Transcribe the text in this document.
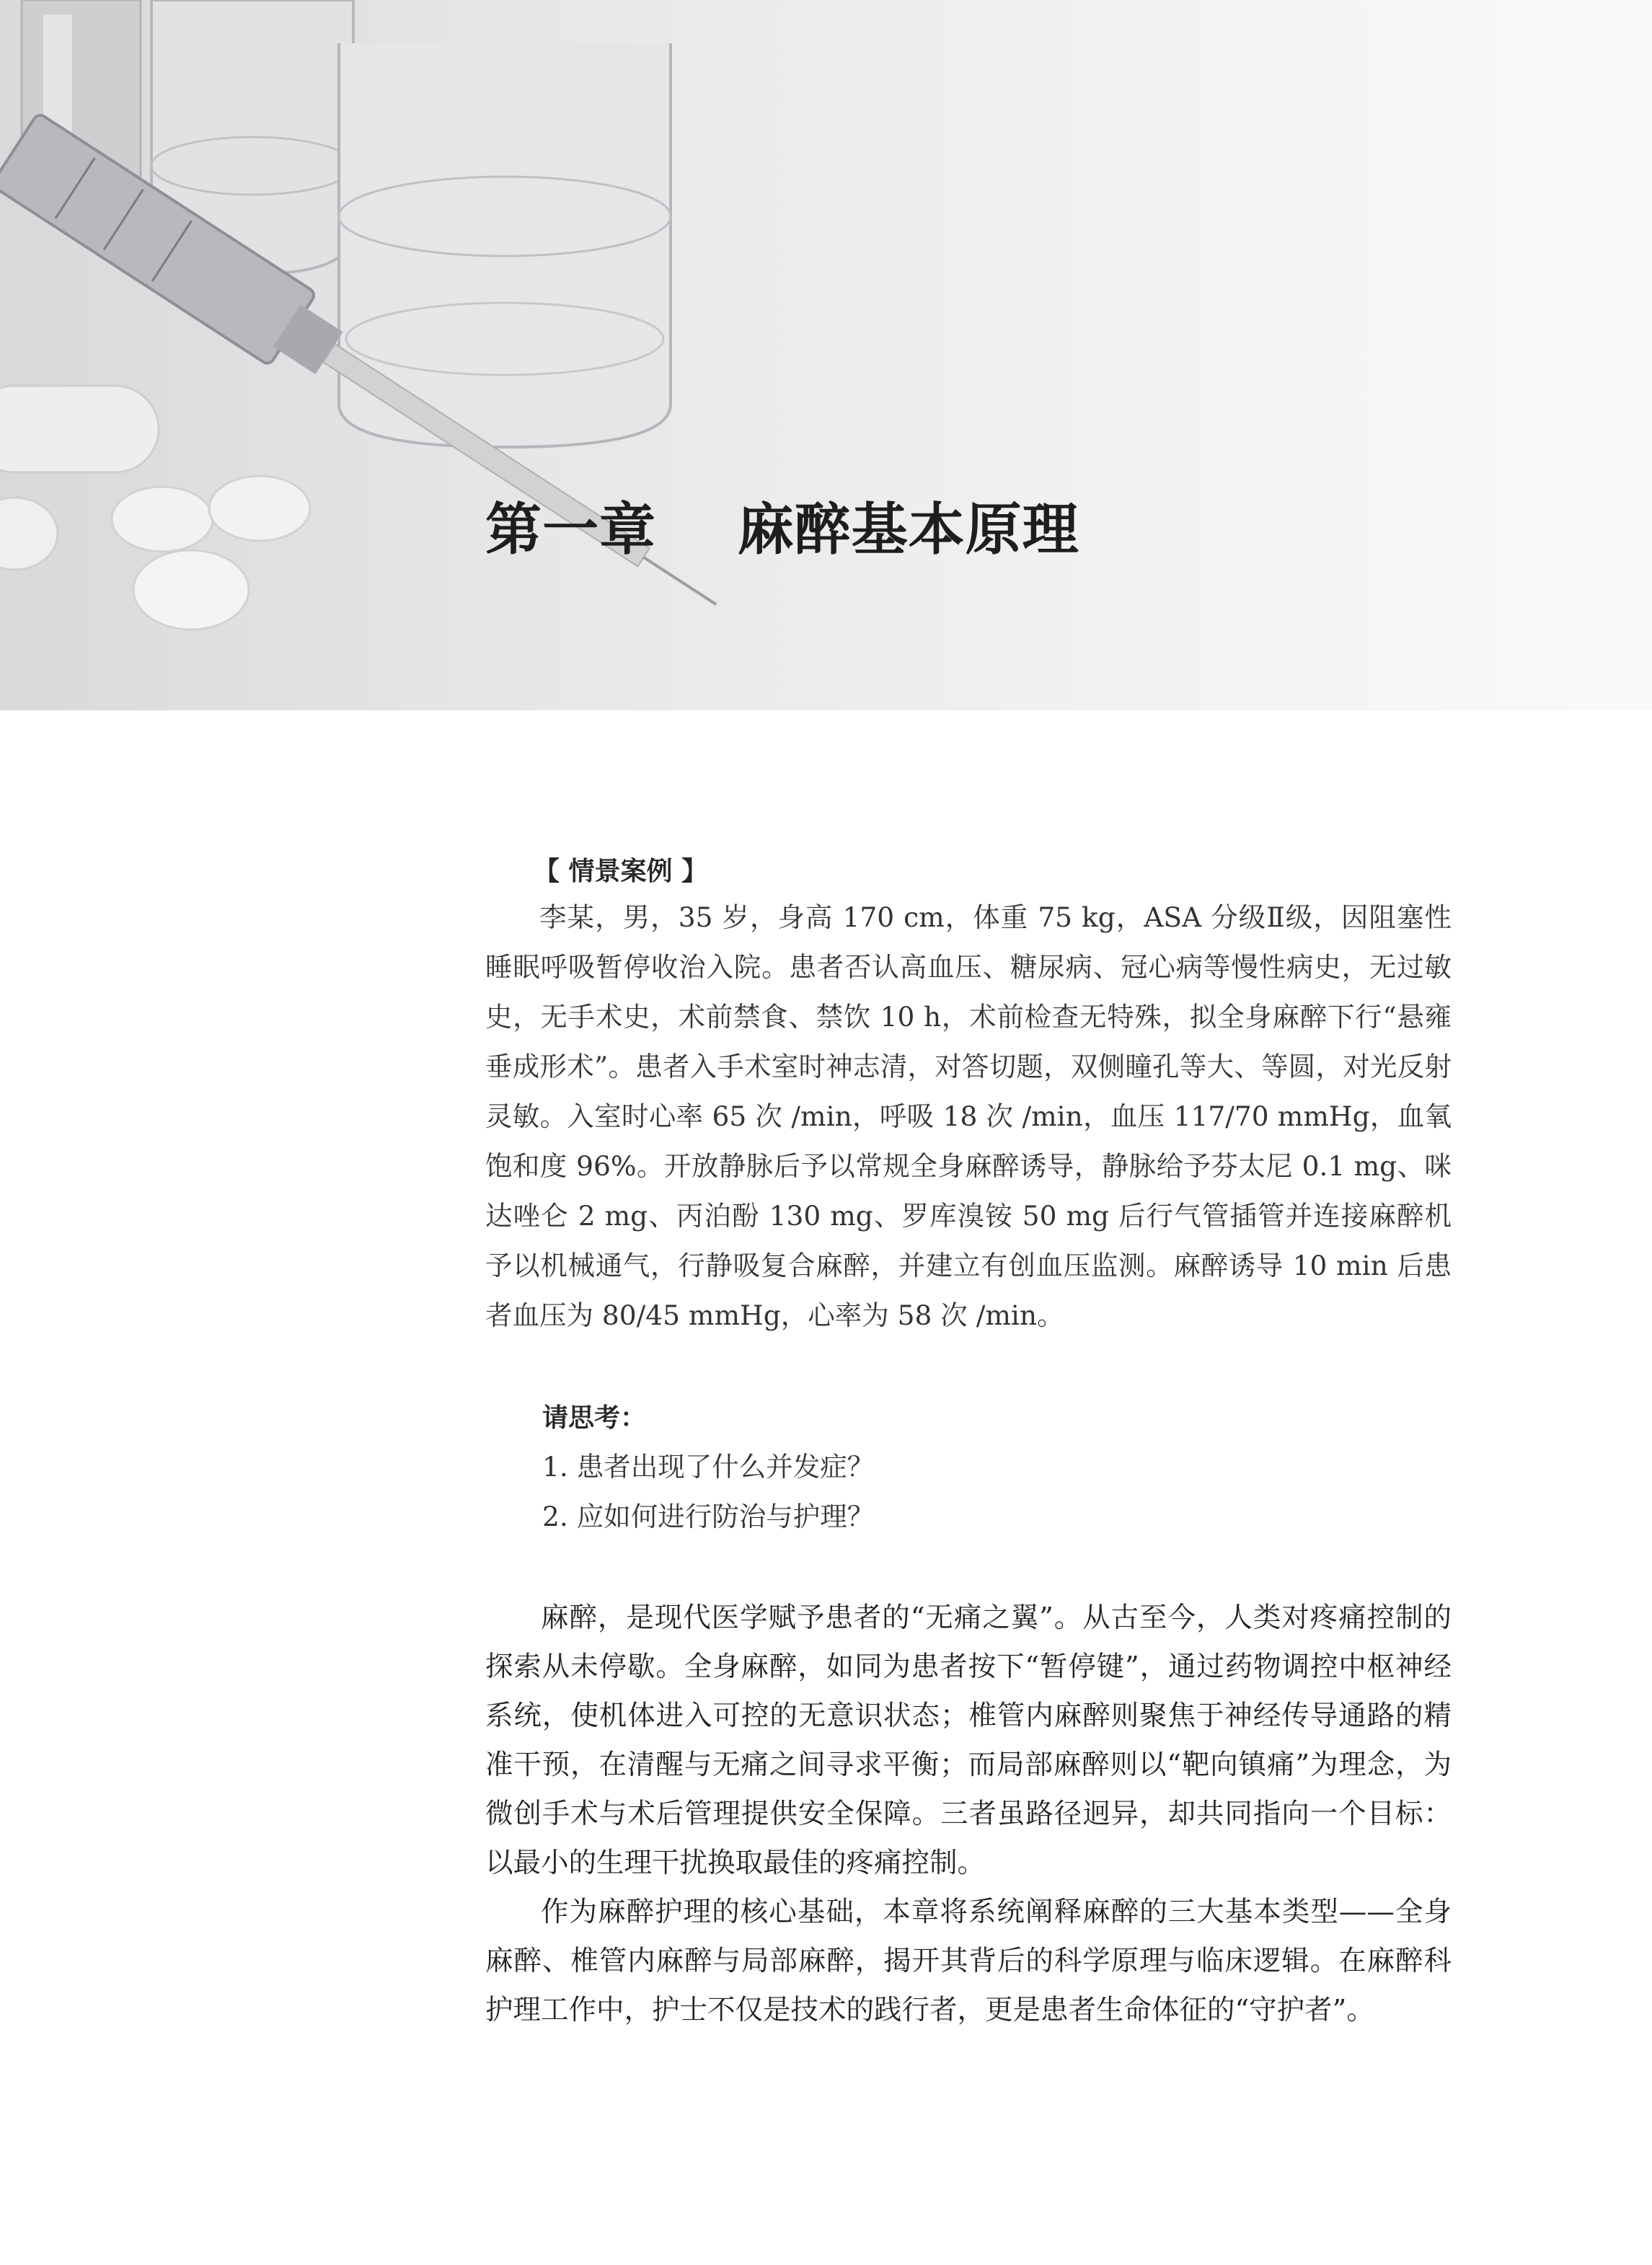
第一章    麻醉基本原理
【 情景案例 】

李某，男，35 岁，身高 170 cm，体重 75 kg，ASA 分级Ⅱ级，因阻塞性睡眠呼吸暂停收治入院。患者否认高血压、糖尿病、冠心病等慢性病史，无过敏史，无手术史，术前禁食、禁饮 10 h，术前检查无特殊，拟全身麻醉下行“悬雍垂成形术”。患者入手术室时神志清，对答切题，双侧瞳孔等大、等圆，对光反射灵敏。入室时心率 65 次 /min，呼吸 18 次 /min，血压 117/70 mmHg，血氧饱和度 96%。开放静脉后予以常规全身麻醉诱导，静脉给予芬太尼 0.1 mg、咪达唑仑 2 mg、丙泊酚 130 mg、罗库溴铵 50 mg 后行气管插管并连接麻醉机予以机械通气，行静吸复合麻醉，并建立有创血压监测。麻醉诱导 10 min 后患者血压为 80/45 mmHg，心率为 58 次 /min。

请思考：
1. 患者出现了什么并发症？
2. 应如何进行防治与护理？

麻醉，是现代医学赋予患者的“无痛之翼”。从古至今，人类对疼痛控制的探索从未停歇。全身麻醉，如同为患者按下“暂停键”，通过药物调控中枢神经系统，使机体进入可控的无意识状态；椎管内麻醉则聚焦于神经传导通路的精准干预，在清醒与无痛之间寻求平衡；而局部麻醉则以“靶向镇痛”为理念，为微创手术与术后管理提供安全保障。三者虽路径迥异，却共同指向一个目标：以最小的生理干扰换取最佳的疼痛控制。

作为麻醉护理的核心基础，本章将系统阐释麻醉的三大基本类型——全身麻醉、椎管内麻醉与局部麻醉，揭开其背后的科学原理与临床逻辑。在麻醉科护理工作中，护士不仅是技术的践行者，更是患者生命体征的“守护者”。
